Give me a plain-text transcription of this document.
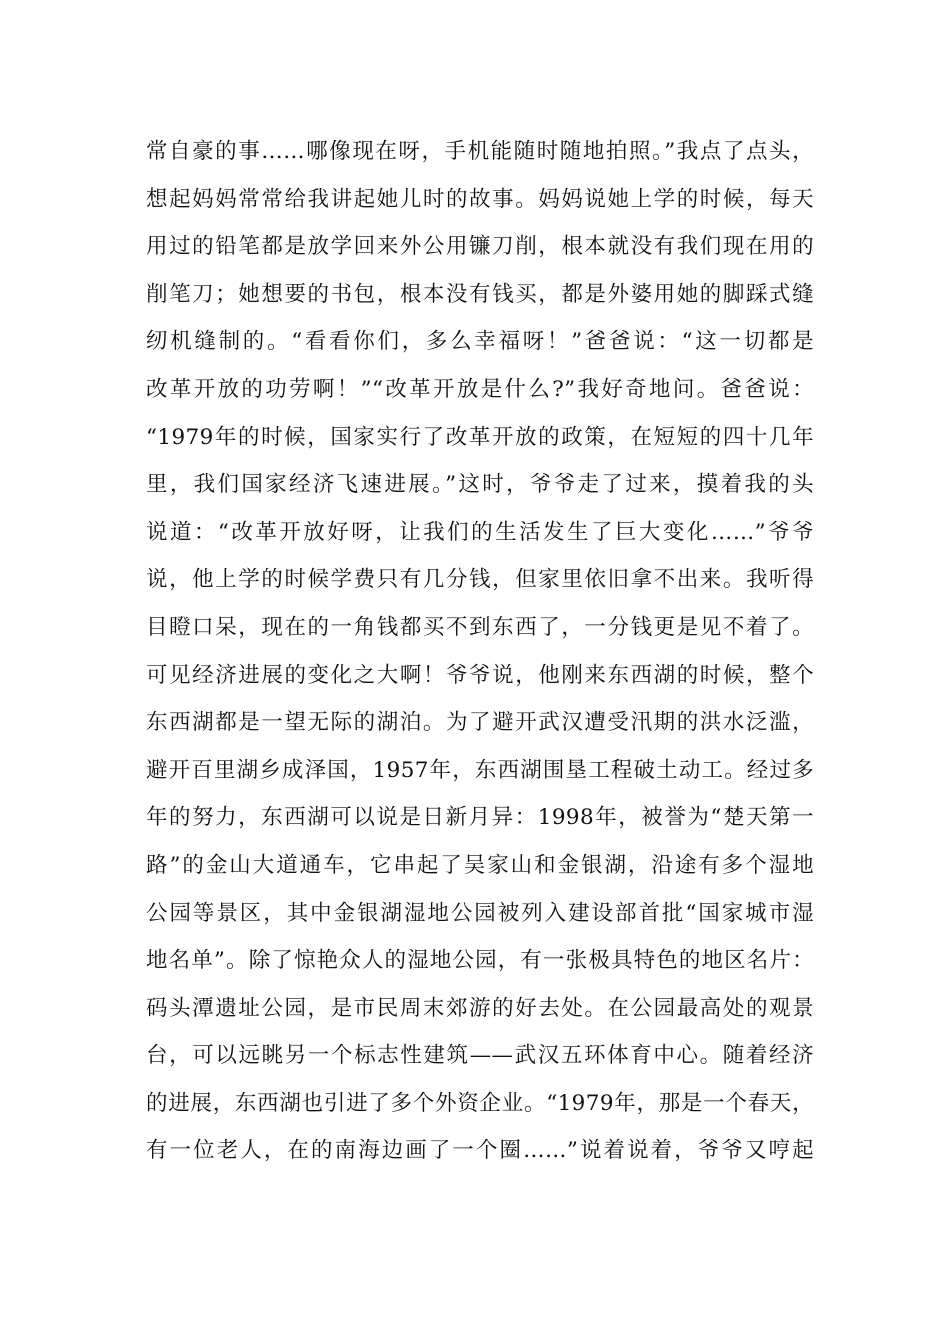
常自豪的事……哪像现在呀，手机能随时随地拍照。”我点了点头，
想起妈妈常常给我讲起她儿时的故事。妈妈说她上学的时候，每天
用过的铅笔都是放学回来外公用镰刀削，根本就没有我们现在用的
削笔刀；她想要的书包，根本没有钱买，都是外婆用她的脚踩式缝
纫机缝制的。“看看你们，多么幸福呀！”爸爸说：“这一切都是
改革开放的功劳啊！”“改革开放是什么?”我好奇地问。爸爸说：
“1979年的时候，国家实行了改革开放的政策，在短短的四十几年
里，我们国家经济飞速进展。”这时，爷爷走了过来，摸着我的头
说道：“改革开放好呀，让我们的生活发生了巨大变化……”爷爷
说，他上学的时候学费只有几分钱，但家里依旧拿不出来。我听得
目瞪口呆，现在的一角钱都买不到东西了，一分钱更是见不着了。
可见经济进展的变化之大啊！爷爷说，他刚来东西湖的时候，整个
东西湖都是一望无际的湖泊。为了避开武汉遭受汛期的洪水泛滥，
避开百里湖乡成泽国，1957年，东西湖围垦工程破土动工。经过多
年的努力，东西湖可以说是日新月异：1998年，被誉为“楚天第一
路”的金山大道通车，它串起了吴家山和金银湖，沿途有多个湿地
公园等景区，其中金银湖湿地公园被列入建设部首批“国家城市湿
地名单”。除了惊艳众人的湿地公园，有一张极具特色的地区名片：
码头潭遗址公园，是市民周末郊游的好去处。在公园最高处的观景
台，可以远眺另一个标志性建筑——武汉五环体育中心。随着经济
的进展，东西湖也引进了多个外资企业。“1979年，那是一个春天，
有一位老人，在的南海边画了一个圈……”说着说着，爷爷又哼起
